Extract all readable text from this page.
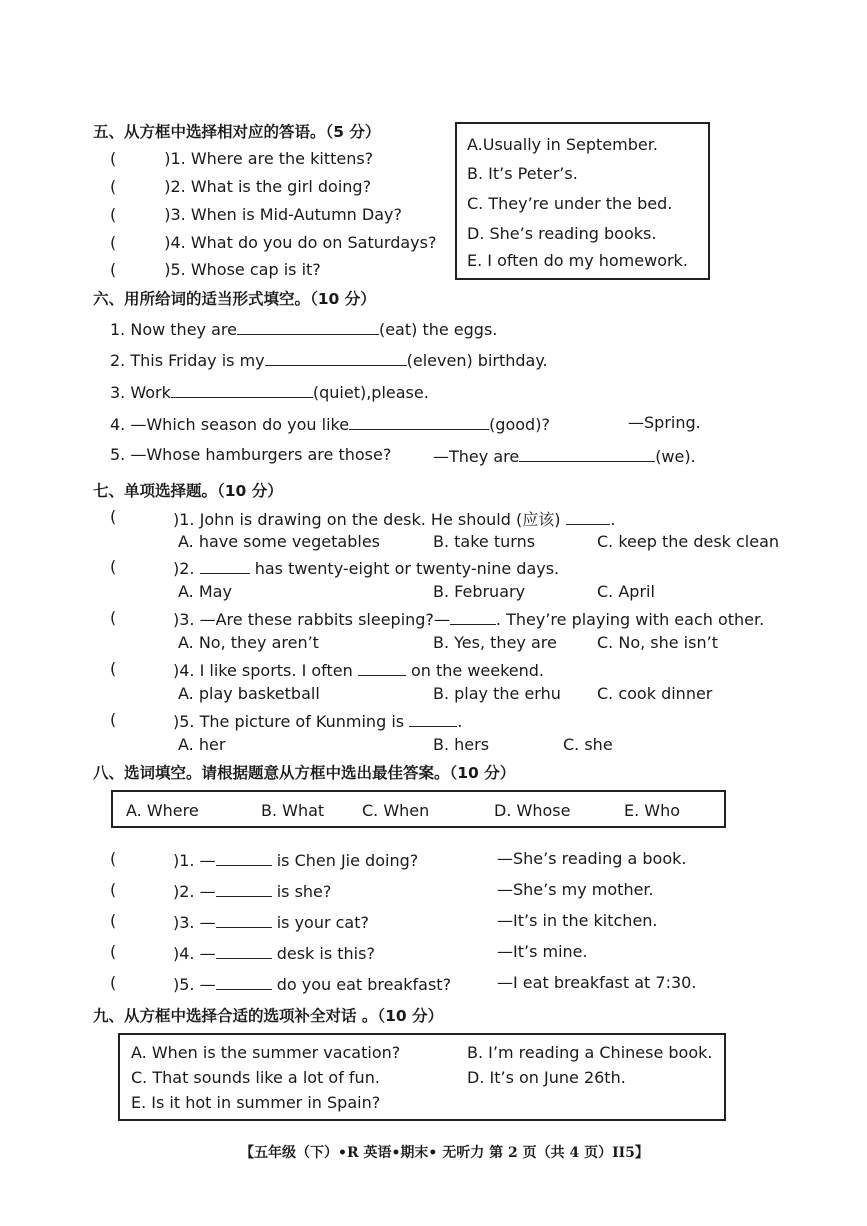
五、从方框中选择相对应的答语。（5 分）
(　　　)1. Where are the kittens?
(　　　)2. What is the girl doing?
(　　　)3. When is Mid-Autumn Day?
(　　　)4. What do you do on Saturdays?
(　　　)5. Whose cap is it?
A.Usually in September.
B. It’s Peter’s.
C. They’re under the bed.
D. She’s reading books.
E. I often do my homework.
六、用所给词的适当形式填空。（10 分）
1. Now they are	(eat) the eggs.
2. This Friday is my	(eleven) birthday.
3. Work	(quiet),please.
4. —Which season do you like	(good)?	—Spring.
5. —Whose hamburgers are those?	—They are	(we).
七、单项选择题。（10 分）
(	)1. John is drawing on the desk. He should (应该)	.
A. have some vegetables	B. take turns	C. keep the desk clean
(	)2.	has twenty-eight or twenty-nine days.
A. May	B. February	C. April
(	)3. —Are these rabbits sleeping?—	. They’re playing with each other.
A. No, they aren’t	B. Yes, they are	C. No, she isn’t
(	)4. I like sports. I often	on the weekend.
A. play basketball	B. play the erhu C. cook dinner
(	)5. The picture of Kunming is	.
A. her	B. hers	C. she
八、选词填空。请根据题意从方框中选出最佳答案。（10 分）
A. Where	B. What C. When	D. Whose	E. Who
(	)1. —	is Chen Jie doing?	—She’s reading a book.
(	)2. —	is she?	—She’s my mother.
(	)3. —	is your cat?	—It’s in the kitchen.
(	)4. —	desk is this?	—It’s mine.
(	)5. —	do you eat breakfast?	—I eat breakfast at 7:30.
九、从方框中选择合适的选项补全对话 。（10 分）
A. When is the summer vacation?	B. I’m reading a Chinese book.
C. That sounds like a lot of fun.	D. It’s on June 26th.
E. Is it hot in summer in Spain?
【五年级（下）•R 英语•期末• 无听力 第 2 页（共 4 页）II5】
